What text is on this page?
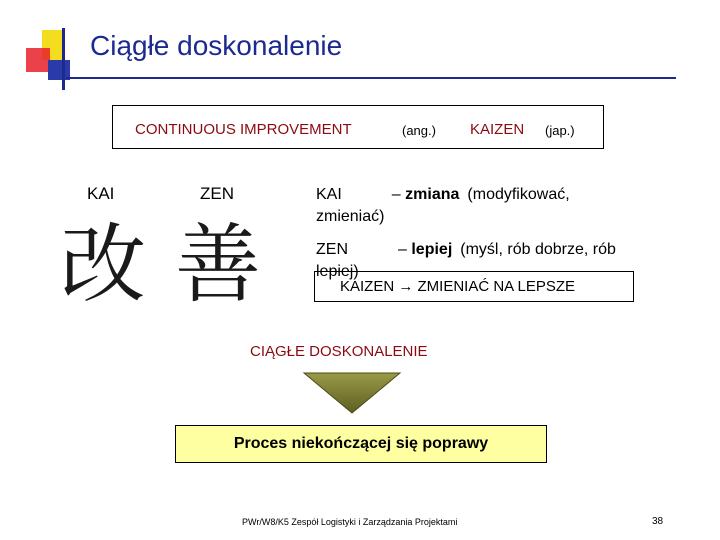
Ciągłe doskonalenie
CONTINUOUS IMPROVEMENT	(ang.) KAIZEN (jap.)
KAI	ZEN
改 善
KAI	– zmiana (modyfikować,
zmieniać)
ZEN	– lepiej (myśl, rób dobrze, rób
lepiej)
KAIZEN → ZMIENIAĆ NA LEPSZE
CIĄGŁE DOSKONALENIE
Proces niekończącej się poprawy
PWr/W8/K5 Zespół Logistyki i Zarządzania Projektami	38
